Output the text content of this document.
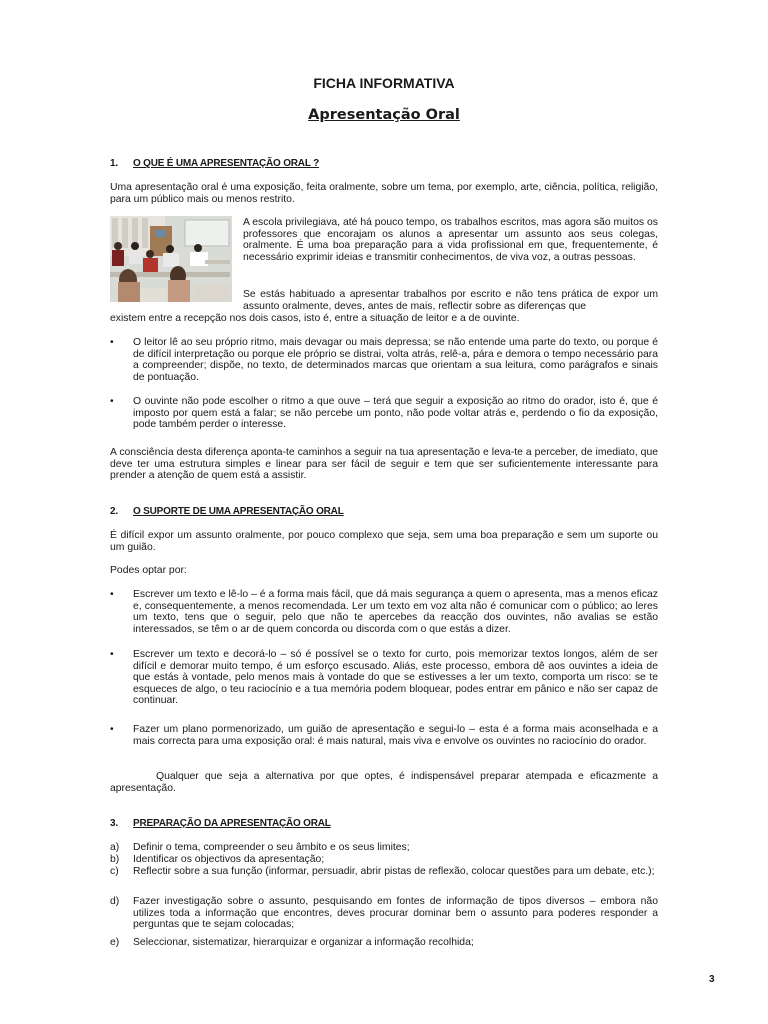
FICHA INFORMATIVA
Apresentação Oral
1. O QUE É UMA APRESENTAÇÃO ORAL ?
Uma apresentação oral é uma exposição, feita oralmente, sobre um tema, por exemplo, arte, ciência, política, religião, para um público mais ou menos restrito.
A escola privilegiava, até há pouco tempo, os trabalhos escritos, mas agora são muitos os professores que encorajam os alunos a apresentar um assunto aos seus colegas, oralmente. É uma boa preparação para a vida profissional em que, frequentemente, é necessário exprimir ideias e transmitir conhecimentos, de viva voz, a outras pessoas.
Se estás habituado a apresentar trabalhos por escrito e não tens prática de expor um assunto oralmente, deves, antes de mais, reflectir sobre as diferenças que
existem entre a recepção nos dois casos, isto é, entre a situação de leitor e a de ouvinte.
• O leitor lê ao seu próprio ritmo, mais devagar ou mais depressa; se não entende uma parte do texto, ou porque é de difícil interpretação ou porque ele próprio se distrai, volta atrás, relê-a, pára e demora o tempo necessário para a compreender; dispõe, no texto, de determinados marcas que orientam a sua leitura, como parágrafos e sinais de pontuação.
• O ouvinte não pode escolher o ritmo a que ouve – terá que seguir a exposição ao ritmo do orador, isto é, que é imposto por quem está a falar; se não percebe um ponto, não pode voltar atrás e, perdendo o fio da exposição, pode também perder o interesse.
A consciência desta diferença aponta-te caminhos a seguir na tua apresentação e leva-te a perceber, de imediato, que deve ter uma estrutura simples e linear para ser fácil de seguir e tem que ser suficientemente interessante para prender a atenção de quem está a assistir.
2. O SUPORTE DE UMA APRESENTAÇÃO ORAL
É difícil expor um assunto oralmente, por pouco complexo que seja, sem uma boa preparação e sem um suporte ou um guião.
Podes optar por:
• Escrever um texto e lê-lo – é a forma mais fácil, que dá mais segurança a quem o apresenta, mas a menos eficaz e, consequentemente, a menos recomendada. Ler um texto em voz alta não é comunicar com o público; ao leres um texto, tens que o seguir, pelo que não te apercebes da reacção dos ouvintes, não avalias se estão interessados, se têm o ar de quem concorda ou discorda com o que estás a dizer.
• Escrever um texto e decorá-lo – só é possível se o texto for curto, pois memorizar textos longos, além de ser difícil e demorar muito tempo, é um esforço escusado. Aliás, este processo, embora dê aos ouvintes a ideia de que estás à vontade, pelo menos mais à vontade do que se estivesses a ler um texto, comporta um risco: se te esqueces de algo, o teu raciocínio e a tua memória podem bloquear, podes entrar em pânico e não ser capaz de continuar.
• Fazer um plano pormenorizado, um guião de apresentação e segui-lo – esta é a forma mais aconselhada e a mais correcta para uma exposição oral: é mais natural, mais viva e envolve os ouvintes no raciocínio do orador.
Qualquer que seja a alternativa por que optes, é indispensável preparar atempada e eficazmente a apresentação.
3. PREPARAÇÃO DA APRESENTAÇÃO ORAL
a) Definir o tema, compreender o seu âmbito e os seus limites;
b) Identificar os objectivos da apresentação;
c) Reflectir sobre a sua função (informar, persuadir, abrir pistas de reflexão, colocar questões para um debate, etc.);
d) Fazer investigação sobre o assunto, pesquisando em fontes de informação de tipos diversos – embora não utilizes toda a informação que encontres, deves procurar dominar bem o assunto para poderes responder a perguntas que te sejam colocadas;
e) Seleccionar, sistematizar, hierarquizar e organizar a informação recolhida;
3
